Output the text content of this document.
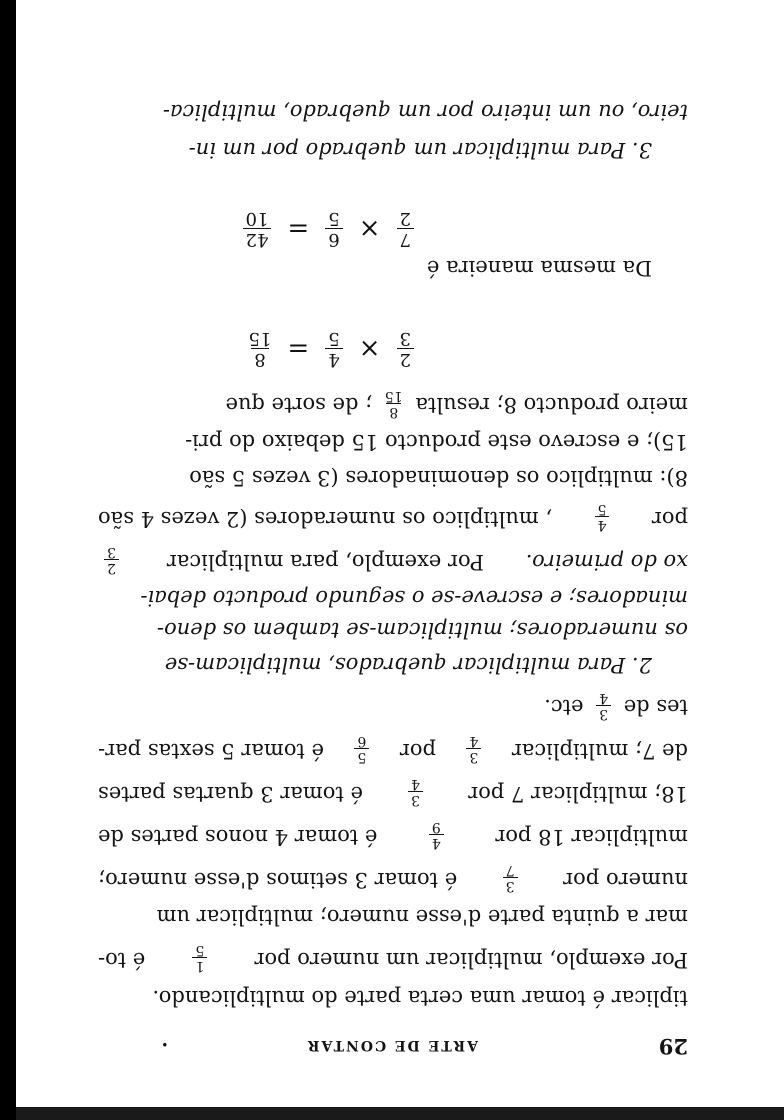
29
ARTE DE CONTAR
•
tiplicar é tomar uma certa parte do multiplicando.
Por exemplo, multiplicar um numero por
1
5
é to-
mar a quinta parte d'esse numero; multiplicar um
numero por
3
7
é tomar 3 setimos d'esse numero;
multiplicar 18 por
4
9
é tomar 4 nonos partes de
18; multiplicar 7 por
3
4
é tomar 3 quartas partes
de 7; multiplicar
3
4
por
5
6
é tomar 5 sextas par-
tes de
3
4
etc.
2. Para multiplicar quebrados, multiplicam-se
os numeradores; multiplicam-se tambem os deno-
minadores; e escreve-se o segundo producto debai-
xo do primeiro.
Por exemplo, para multiplicar
2
3
por
4
5
, multiplico os numeradores (2 vezes 4 são
8): multiplico os denominadores (3 vezes 5 são
15); e escrevo este producto 15 debaixo do pri-
meiro producto 8; resulta
8
15
; de sorte que
2
3
×
4
5
=
8
15
Da mesma maneira é
7
2
×
6
5
=
42
10
3. Para multiplicar um quebrado por um in-
teiro, ou um inteiro por um quebrado, multiplica-
